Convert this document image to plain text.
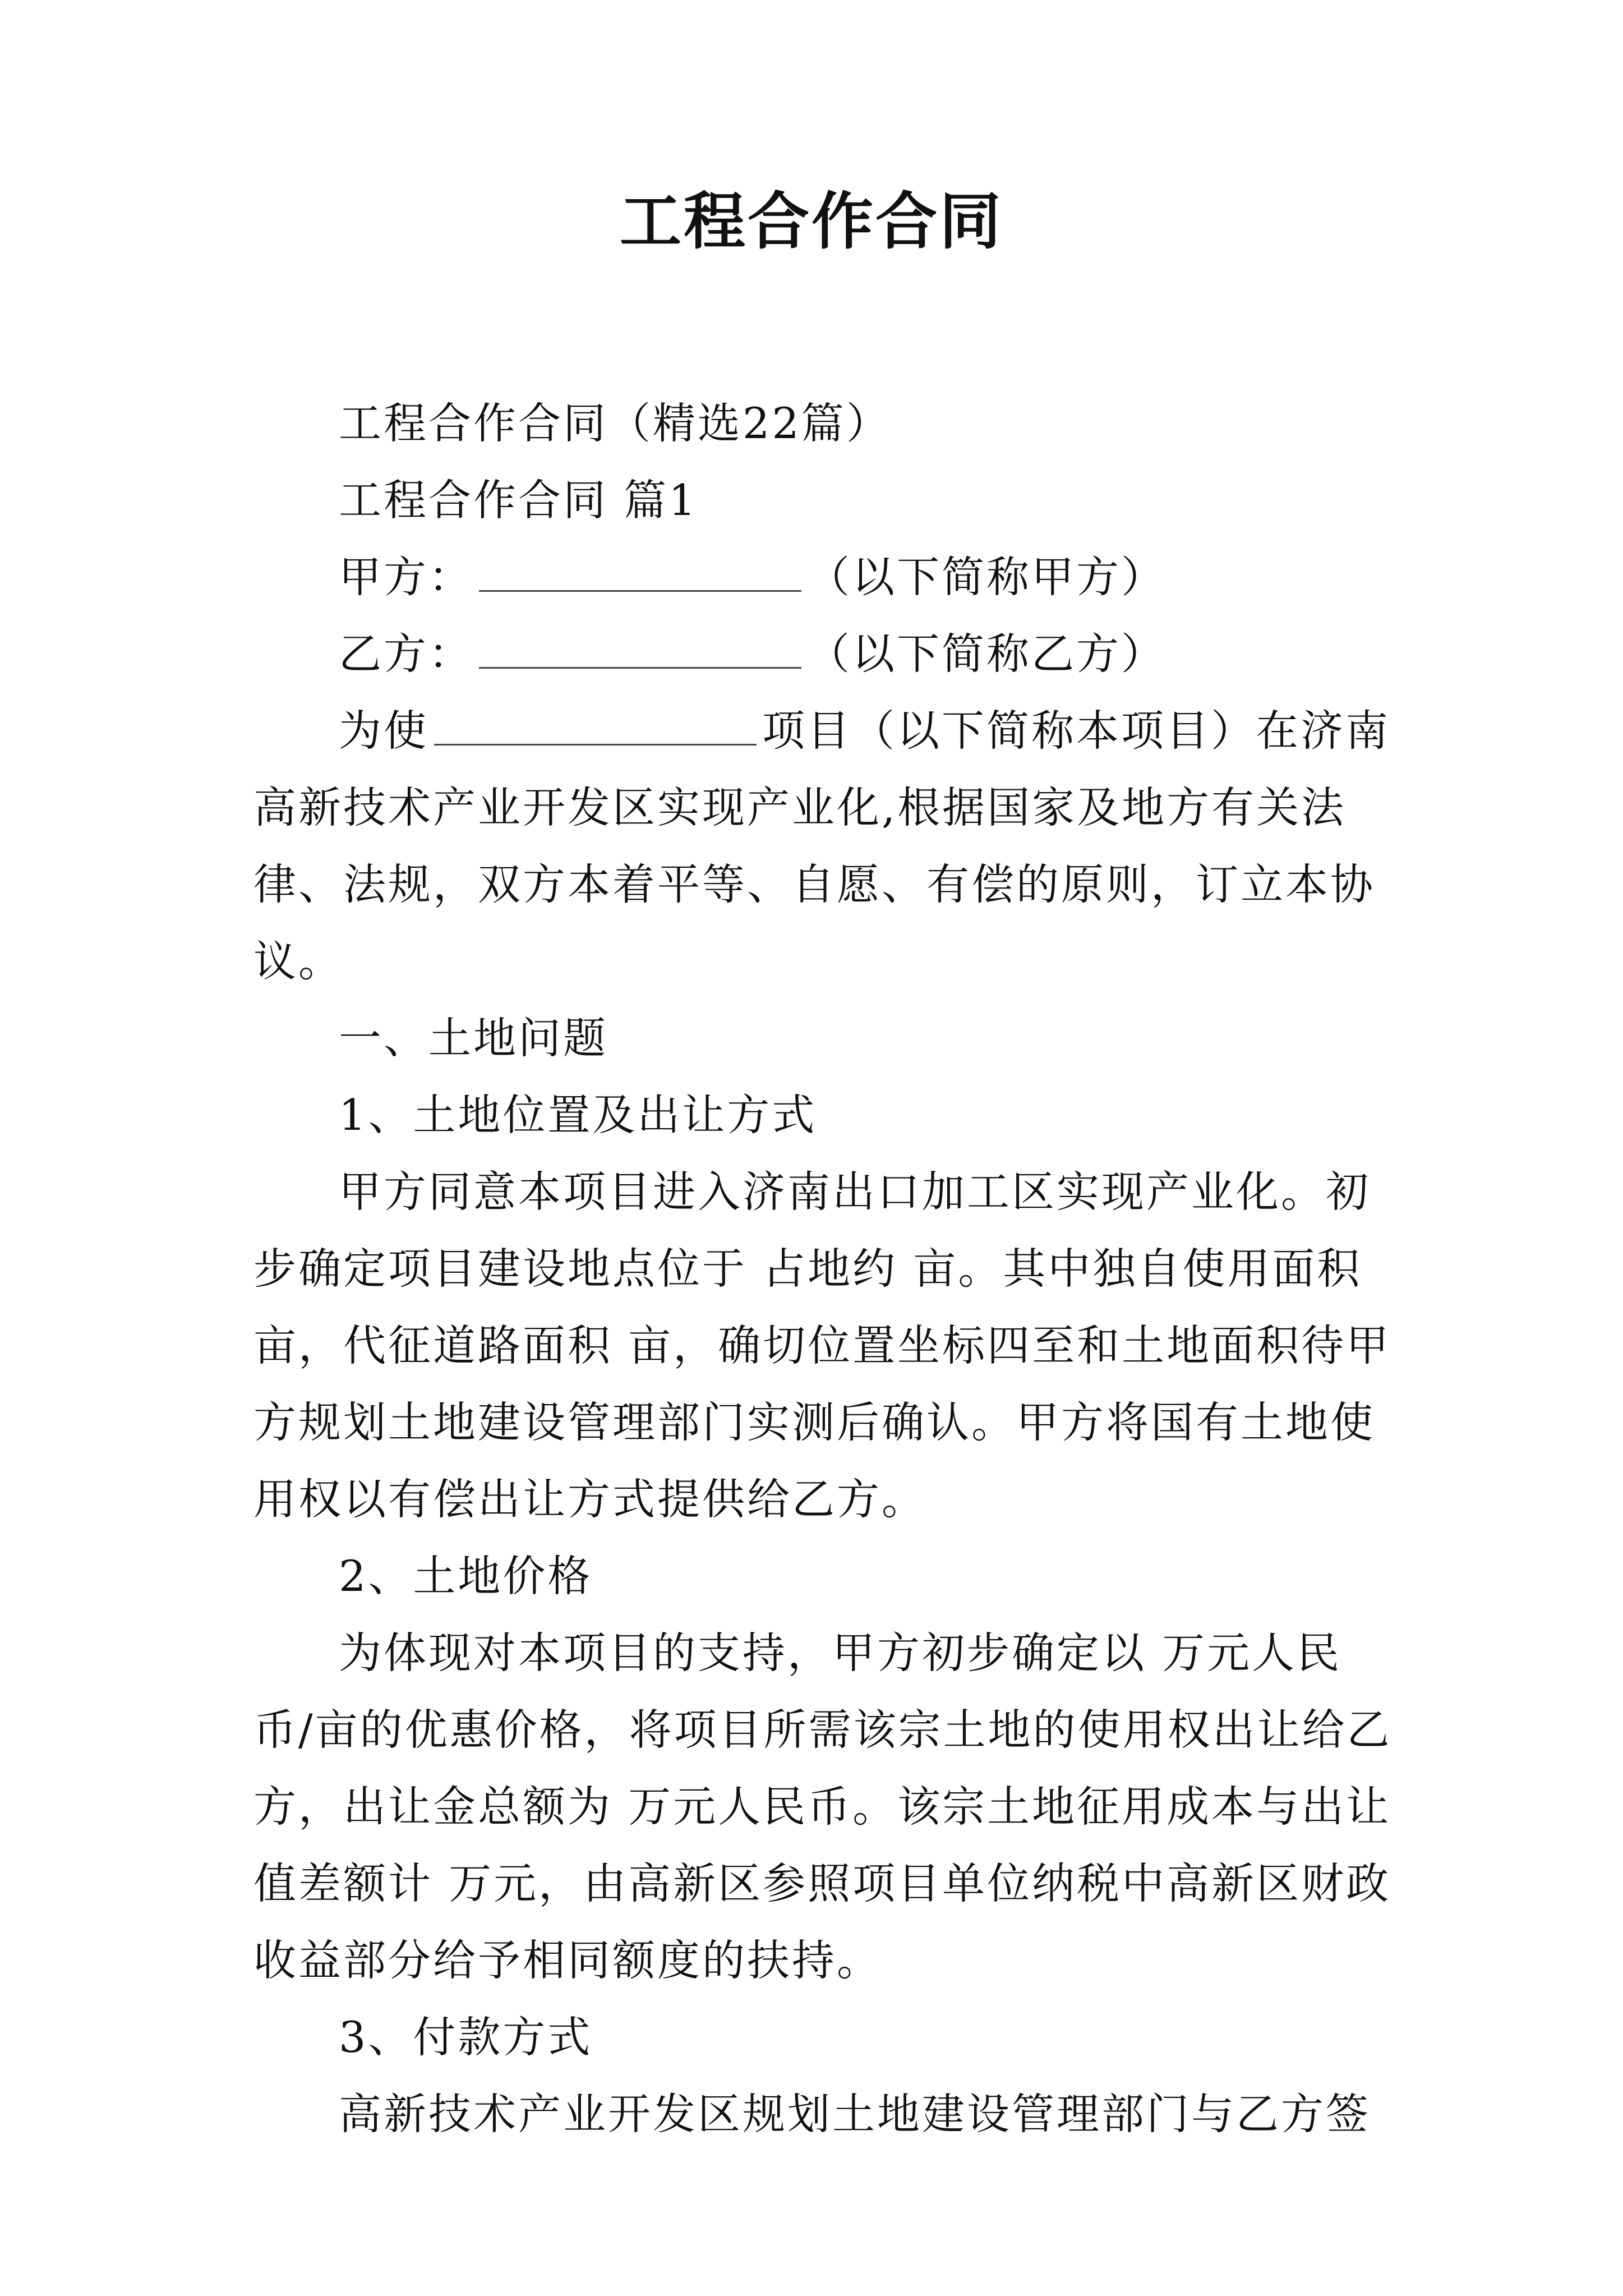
工程合作合同

工程合作合同（精选22篇）

工程合作合同 篇1

甲方：	（以下简称甲方）

乙方：	（以下简称乙方）

为使	项目（以下简称本项目）在济南高新技术产业开发区实现产业化,根据国家及地方有关法律、法规，双方本着平等、自愿、有偿的原则，订立本协议。

一、土地问题

1、土地位置及出让方式

甲方同意本项目进入济南出口加工区实现产业化。初步确定项目建设地点位于 占地约 亩。其中独自使用面积 亩，代征道路面积 亩，确切位置坐标四至和土地面积待甲方规划土地建设管理部门实测后确认。甲方将国有土地使用权以有偿出让方式提供给乙方。

2、土地价格

为体现对本项目的支持，甲方初步确定以 万元人民币/亩的优惠价格，将项目所需该宗土地的使用权出让给乙方，出让金总额为 万元人民币。该宗土地征用成本与出让值差额计 万元，由高新区参照项目单位纳税中高新区财政收益部分给予相同额度的扶持。

3、付款方式

高新技术产业开发区规划土地建设管理部门与乙方签
